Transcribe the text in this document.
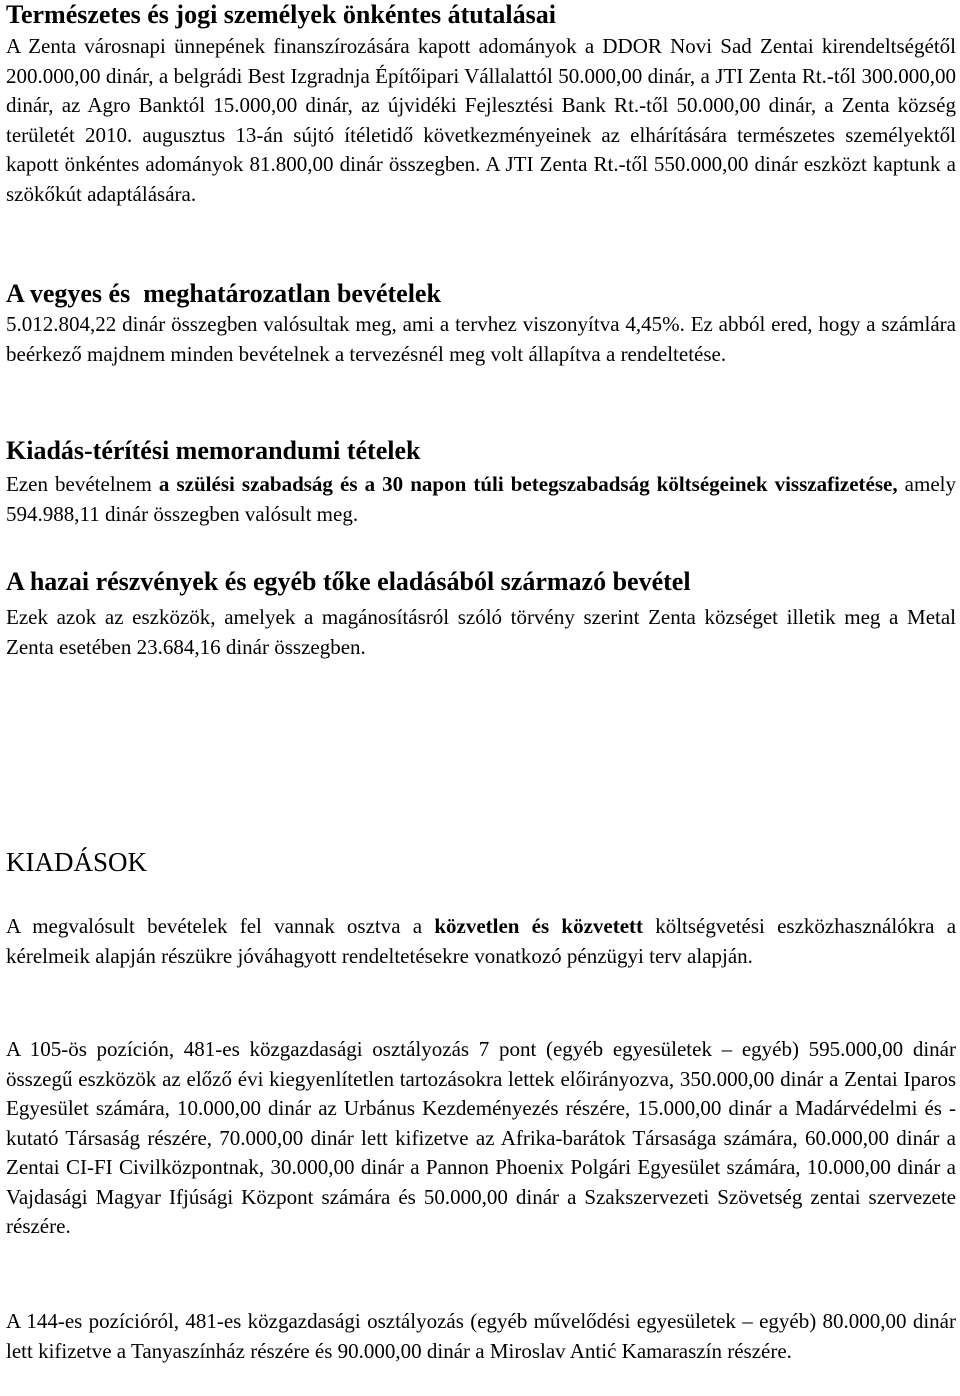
Természetes és jogi személyek önkéntes átutalásai

A Zenta városnapi ünnepének finanszírozására kapott adományok a DDOR Novi Sad Zentai kirendeltségétől 200.000,00 dinár, a belgrádi Best Izgradnja Építőipari Vállalattól 50.000,00 dinár, a JTI Zenta Rt.-től 300.000,00 dinár, az Agro Banktól 15.000,00 dinár, az újvidéki Fejlesztési Bank Rt.-től 50.000,00 dinár, a Zenta község területét 2010. augusztus 13-án sújtó ítéletidő következményeinek az elhárítására természetes személyektől kapott önkéntes adományok 81.800,00 dinár összegben. A JTI Zenta Rt.-től 550.000,00 dinár eszközt kaptunk a szökőkút adaptálására.

A vegyes és  meghatározatlan bevételek

5.012.804,22 dinár összegben valósultak meg, ami a tervhez viszonyítva 4,45%. Ez abból ered, hogy a számlára beérkező majdnem minden bevételnek a tervezésnél meg volt állapítva a rendeltetése.

Kiadás-térítési memorandumi tételek

Ezen bevételnem a szülési szabadság és a 30 napon túli betegszabadság költségeinek visszafizetése, amely 594.988,11 dinár összegben valósult meg.

A hazai részvények és egyéb tőke eladásából származó bevétel

Ezek azok az eszközök, amelyek a magánosításról szóló törvény szerint Zenta községet illetik meg a Metal Zenta esetében 23.684,16 dinár összegben.

KIADÁSOK

A megvalósult bevételek fel vannak osztva a közvetlen és közvetett költségvetési eszközhasználókra a kérelmeik alapján részükre jóváhagyott rendeltetésekre vonatkozó pénzügyi terv alapján.

A 105-ös pozíción, 481-es közgazdasági osztályozás 7 pont (egyéb egyesületek – egyéb) 595.000,00 dinár összegű eszközök az előző évi kiegyenlítetlen tartozásokra lettek előirányozva, 350.000,00 dinár a Zentai Iparos Egyesület számára, 10.000,00 dinár az Urbánus Kezdeményezés részére, 15.000,00 dinár a Madárvédelmi és -kutató Társaság részére, 70.000,00 dinár lett kifizetve az Afrika-barátok Társasága számára, 60.000,00 dinár a Zentai CI-FI Civilközpontnak, 30.000,00 dinár a Pannon Phoenix Polgári Egyesület számára, 10.000,00 dinár a Vajdasági Magyar Ifjúsági Központ számára és 50.000,00 dinár a Szakszervezeti Szövetség zentai szervezete részére.

A 144-es pozícióról, 481-es közgazdasági osztályozás (egyéb művelődési egyesületek – egyéb) 80.000,00 dinár lett kifizetve a Tanyaszínház részére és 90.000,00 dinár a Miroslav Antić Kamaraszín részére.
